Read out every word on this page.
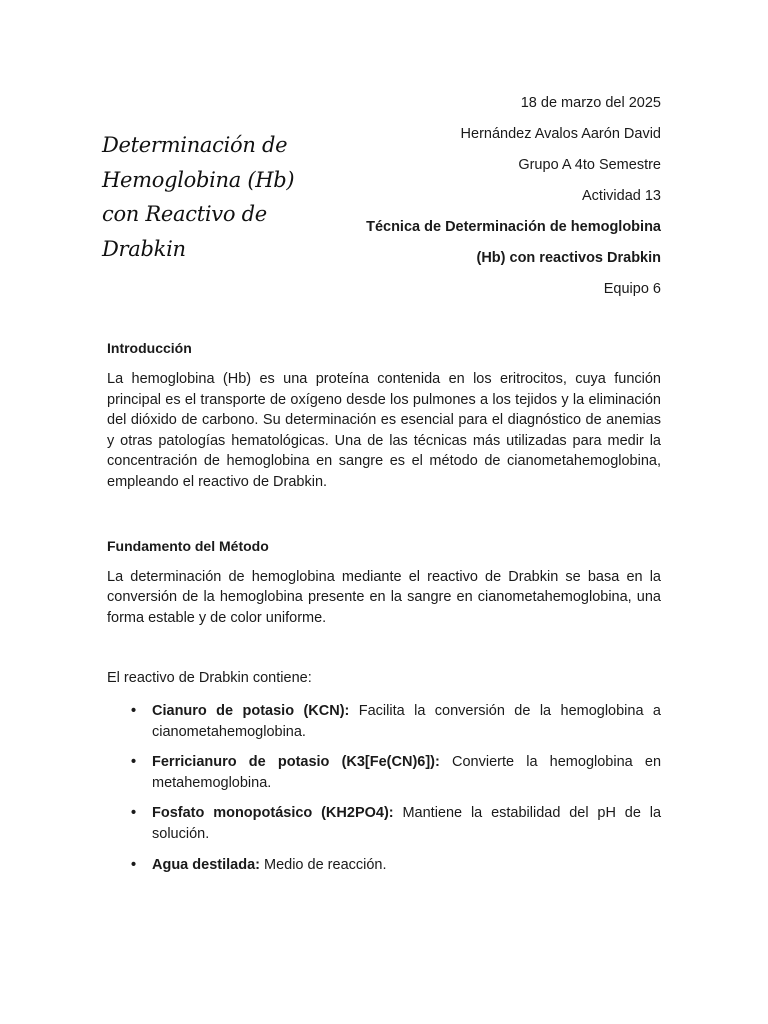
Determinación de
Hemoglobina (Hb)
con Reactivo de
Drabkin
18 de marzo del 2025
Hernández Avalos Aarón David
Grupo A 4to Semestre
Actividad 13
Técnica de Determinación de hemoglobina
(Hb) con reactivos Drabkin
Equipo 6

Introducción

La hemoglobina (Hb) es una proteína contenida en los eritrocitos, cuya función principal es el transporte de oxígeno desde los pulmones a los tejidos y la eliminación del dióxido de carbono. Su determinación es esencial para el diagnóstico de anemias y otras patologías hematológicas. Una de las técnicas más utilizadas para medir la concentración de hemoglobina en sangre es el método de cianometahemoglobina, empleando el reactivo de Drabkin.

Fundamento del Método

La determinación de hemoglobina mediante el reactivo de Drabkin se basa en la conversión de la hemoglobina presente en la sangre en cianometahemoglobina, una forma estable y de color uniforme.

El reactivo de Drabkin contiene:

• Cianuro de potasio (KCN): Facilita la conversión de la hemoglobina a cianometahemoglobina.
• Ferricianuro de potasio (K3[Fe(CN)6]): Convierte la hemoglobina en metahemoglobina.
• Fosfato monopotásico (KH2PO4): Mantiene la estabilidad del pH de la solución.
• Agua destilada: Medio de reacción.
